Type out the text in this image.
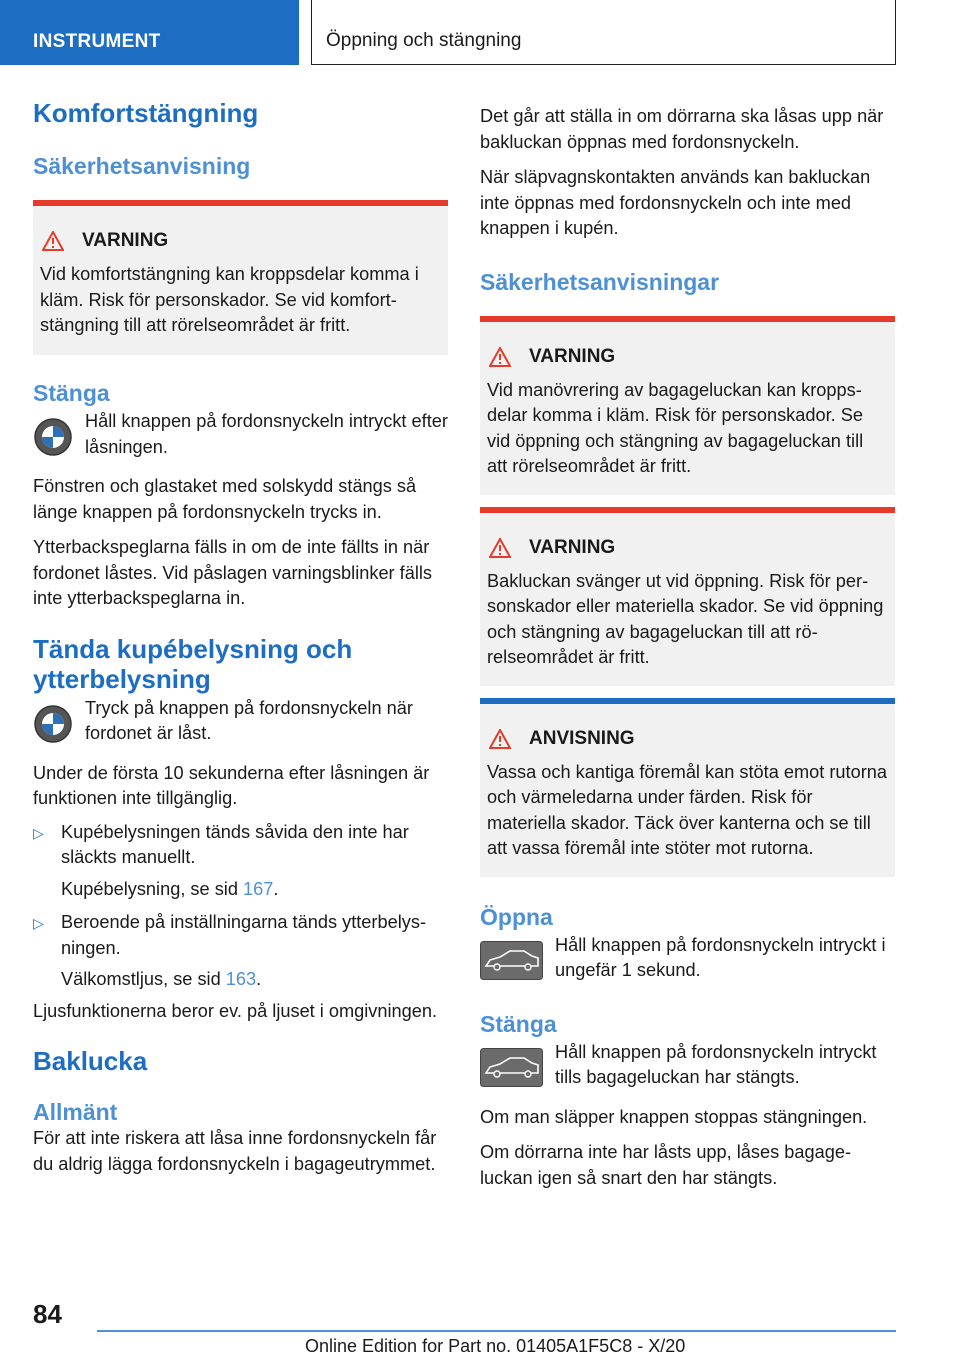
INSTRUMENT	Öppning och stängning
Komfortstängning
Säkerhetsanvisning
VARNING

Vid komfortstängning kan kroppsdelar komma i kläm. Risk för personskador. Se vid komfortstängning till att rörelseområdet är fritt.

Stänga

Håll knappen på fordonsnyckeln intryckt efter låsningen.

Fönstren och glastaket med solskydd stängs så länge knappen på fordonsnyckeln trycks in.

Ytterbackspeglarna fälls in om de inte fällts in när fordonet låstes. Vid påslagen varningsblinker fälls inte ytterbackspeglarna in.

Tända kupébelysning och ytterbelysning

Tryck på knappen på fordonsnyckeln när fordonet är låst.

Under de första 10 sekunderna efter låsningen är funktionen inte tillgänglig.

▷ Kupébelysningen tänds såvida den inte har släckts manuellt.

Kupébelysning, se sid 167.
▷ Beroende på inställningarna tänds ytterbelysningen.

Välkomstljus, se sid 163.

Ljusfunktionerna beror ev. på ljuset i omgivningen.

Baklucka
Allmänt

För att inte riskera att låsa inne fordonsnyckeln får du aldrig lägga fordonsnyckeln i bagageutrymmet.

Det går att ställa in om dörrarna ska låsas upp när bakluckan öppnas med fordonsnyckeln.

När släpvagnskontakten används kan bakluckan inte öppnas med fordonsnyckeln och inte med knappen i kupén.

Säkerhetsanvisningar
VARNING

Vid manövrering av bagageluckan kan kroppsdelar komma i kläm. Risk för personskador. Se vid öppning och stängning av bagageluckan till att rörelseområdet är fritt.

VARNING

Bakluckan svänger ut vid öppning. Risk för personskador eller materiella skador. Se vid öppning och stängning av bagageluckan till att rörelseområdet är fritt.

ANVISNING

Vassa och kantiga föremål kan stöta emot rutorna och värmeledarna under färden. Risk för materiella skador. Täck över kanterna och se till att vassa föremål inte stöter mot rutorna.

Öppna

Håll knappen på fordonsnyckeln intryckt i ungefär 1 sekund.

Stänga

Håll knappen på fordonsnyckeln intryckt tills bagageluckan har stängts.

Om man släpper knappen stoppas stängningen.

Om dörrarna inte har låsts upp, låses bagageluckan igen så snart den har stängts.

84
Online Edition for Part no. 01405A1F5C8 - X/20
